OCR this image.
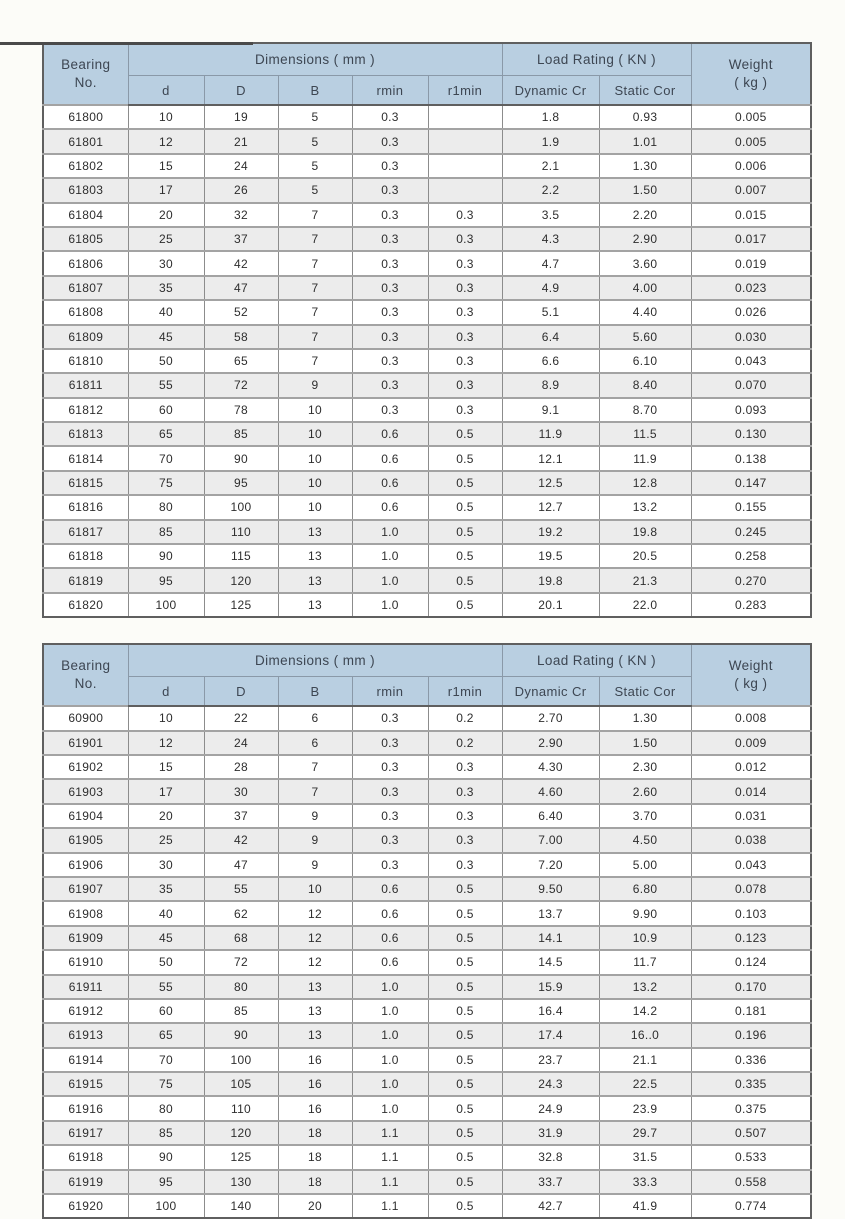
Bearing
No.	Dimensions ( mm )					Load Rating ( KN )		Weight
( kg )
	d	D	B	rmin	r1min	Dynamic Cr	Static Cor	
61800	10	19	5	0.3		1.8	0.93	0.005
61801	12	21	5	0.3		1.9	1.01	0.005
61802	15	24	5	0.3		2.1	1.30	0.006
61803	17	26	5	0.3		2.2	1.50	0.007
61804	20	32	7	0.3	0.3	3.5	2.20	0.015
61805	25	37	7	0.3	0.3	4.3	2.90	0.017
61806	30	42	7	0.3	0.3	4.7	3.60	0.019
61807	35	47	7	0.3	0.3	4.9	4.00	0.023
61808	40	52	7	0.3	0.3	5.1	4.40	0.026
61809	45	58	7	0.3	0.3	6.4	5.60	0.030
61810	50	65	7	0.3	0.3	6.6	6.10	0.043
61811	55	72	9	0.3	0.3	8.9	8.40	0.070
61812	60	78	10	0.3	0.3	9.1	8.70	0.093
61813	65	85	10	0.6	0.5	11.9	11.5	0.130
61814	70	90	10	0.6	0.5	12.1	11.9	0.138
61815	75	95	10	0.6	0.5	12.5	12.8	0.147
61816	80	100	10	0.6	0.5	12.7	13.2	0.155
61817	85	110	13	1.0	0.5	19.2	19.8	0.245
61818	90	115	13	1.0	0.5	19.5	20.5	0.258
61819	95	120	13	1.0	0.5	19.8	21.3	0.270
61820	100	125	13	1.0	0.5	20.1	22.0	0.283
Bearing
No.	Dimensions ( mm )					Load Rating ( KN )		Weight
( kg )
	d	D	B	rmin	r1min	Dynamic Cr	Static Cor	
60900	10	22	6	0.3	0.2	2.70	1.30	0.008
61901	12	24	6	0.3	0.2	2.90	1.50	0.009
61902	15	28	7	0.3	0.3	4.30	2.30	0.012
61903	17	30	7	0.3	0.3	4.60	2.60	0.014
61904	20	37	9	0.3	0.3	6.40	3.70	0.031
61905	25	42	9	0.3	0.3	7.00	4.50	0.038
61906	30	47	9	0.3	0.3	7.20	5.00	0.043
61907	35	55	10	0.6	0.5	9.50	6.80	0.078
61908	40	62	12	0.6	0.5	13.7	9.90	0.103
61909	45	68	12	0.6	0.5	14.1	10.9	0.123
61910	50	72	12	0.6	0.5	14.5	11.7	0.124
61911	55	80	13	1.0	0.5	15.9	13.2	0.170
61912	60	85	13	1.0	0.5	16.4	14.2	0.181
61913	65	90	13	1.0	0.5	17.4	16..0	0.196
61914	70	100	16	1.0	0.5	23.7	21.1	0.336
61915	75	105	16	1.0	0.5	24.3	22.5	0.335
61916	80	110	16	1.0	0.5	24.9	23.9	0.375
61917	85	120	18	1.1	0.5	31.9	29.7	0.507
61918	90	125	18	1.1	0.5	32.8	31.5	0.533
61919	95	130	18	1.1	0.5	33.7	33.3	0.558
61920	100	140	20	1.1	0.5	42.7	41.9	0.774
